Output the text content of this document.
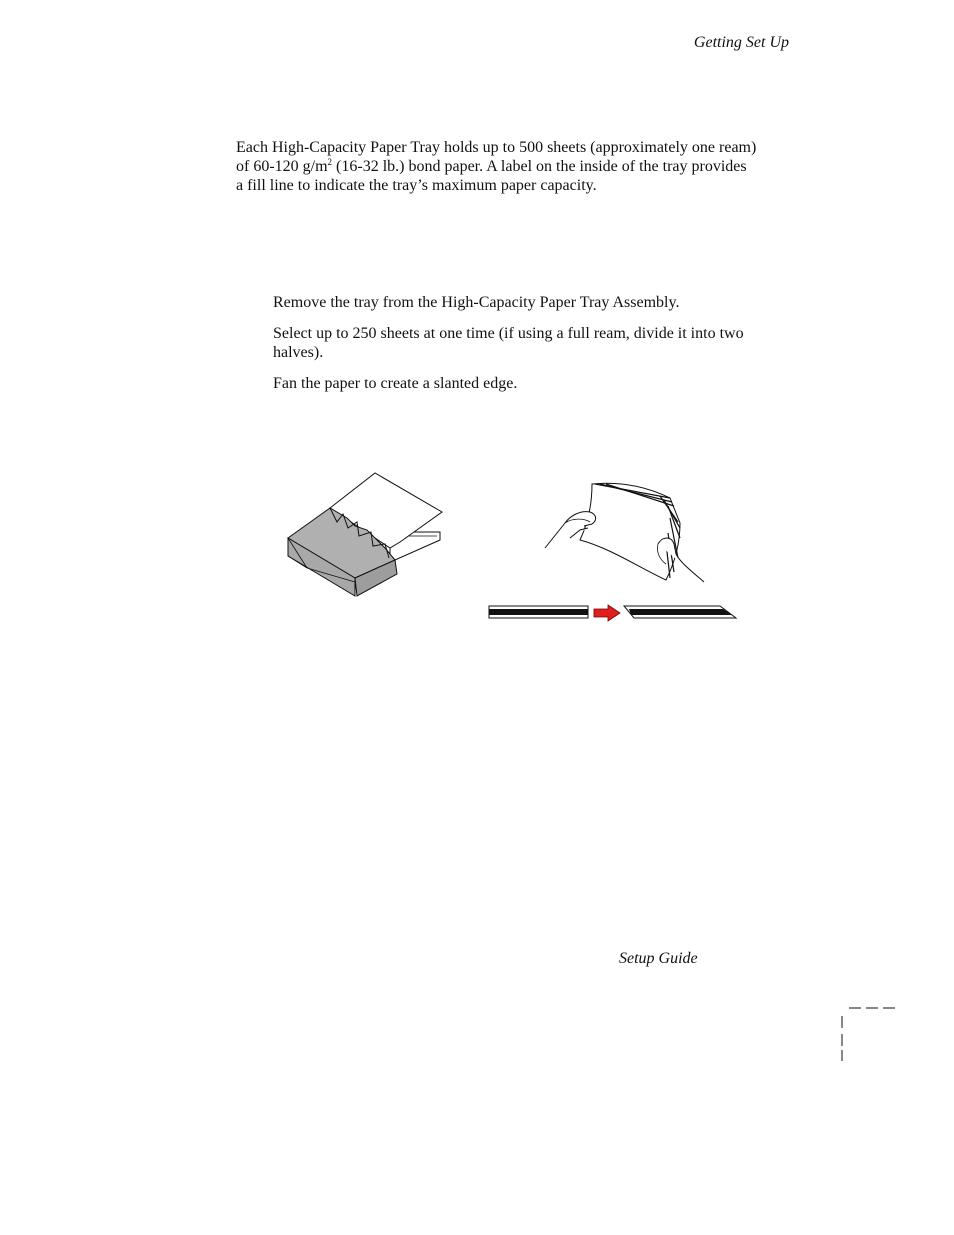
Getting Set Up
Each High-Capacity Paper Tray holds up to 500 sheets (approximately one ream)
of 60-120 $g/m^2$ (16-32 lb.) bond paper. A label on the inside of the tray provides
a fill line to indicate the tray’s maximum paper capacity.
Remove the tray from the High-Capacity Paper Tray Assembly.
Select up to 250 sheets at one time (if using a full ream, divide it into two halves).
Fan the paper to create a slanted edge.
Setup Guide
